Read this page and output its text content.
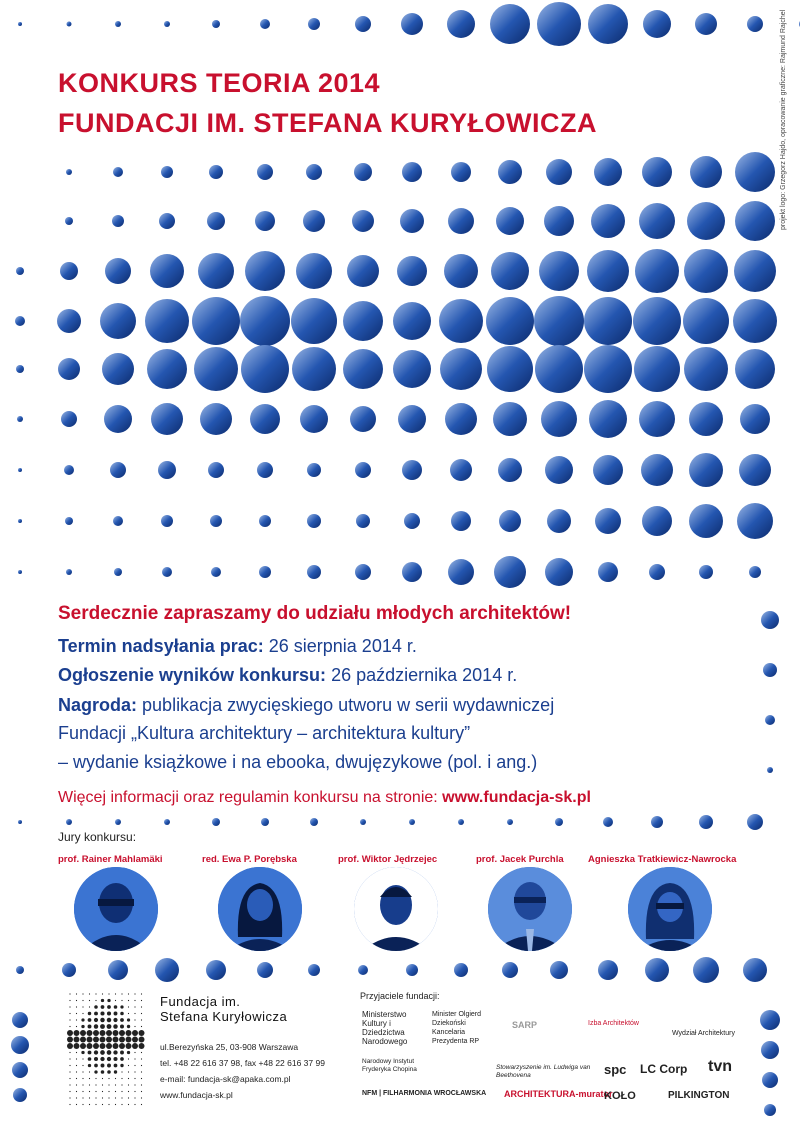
KONKURS TEORIA 2014
FUNDACJI IM. STEFANA KURYŁOWICZA	projekt logo: Grzegorz Hajdo, opracowanie graficzne: Rajmund Rajchel
Serdecznie zapraszamy do udziału młodych architektów!
Termin nadsyłania prac: 26 sierpnia 2014 r.
Ogłoszenie wyników konkursu: 26 października 2014 r.
Nagroda: publikacja zwycięskiego utworu w serii wydawniczej
Fundacji „Kultura architektury – architektura kultury”
– wydanie książkowe i na ebooka, dwujęzykowe (pol. i ang.)
Więcej informacji oraz regulamin konkursu na stronie: www.fundacja-sk.pl
Jury konkursu:
prof. Rainer Mahlamäki	red. Ewa P. Porębska	prof. Wiktor Jędrzejec	prof. Jacek Purchla	Agnieszka Tratkiewicz-Nawrocka
Fundacja im.
Stefana Kuryłowicza
ul.Berezyńska 25, 03-908 Warszawa
tel. +48 22 616 37 98, fax +48 22 616 37 99
e-mail: fundacja-sk@apaka.com.pl
www.fundacja-sk.pl
Przyjaciele fundacji:
Ministerstwo Kultury i Dziedzictwa Narodowego
Minister Olgierd Dziekoński Kancelaria Prezydenta RP
SARP	Izba Architektów
Wydział Architektury
Narodowy Instytut Fryderyka Chopina	Stowarzyszenie im. Ludwiga van Beethovena	spc LC Corp tvn
NFM | FILHARMONIA WROCŁAWSKA ARCHITEKTURA-murator
KOŁO	PILKINGTON
